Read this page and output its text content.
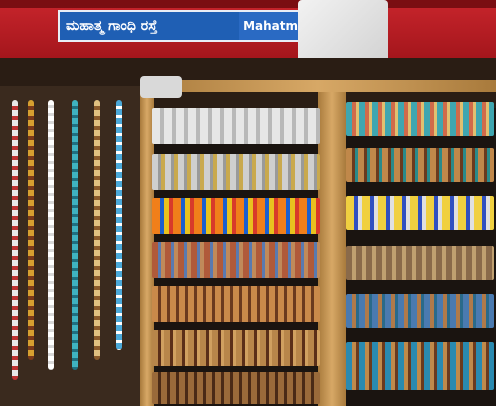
ಮಹಾತ್ಮ ಗಾಂಧಿ ರಸ್ತೆ	Mahatm
